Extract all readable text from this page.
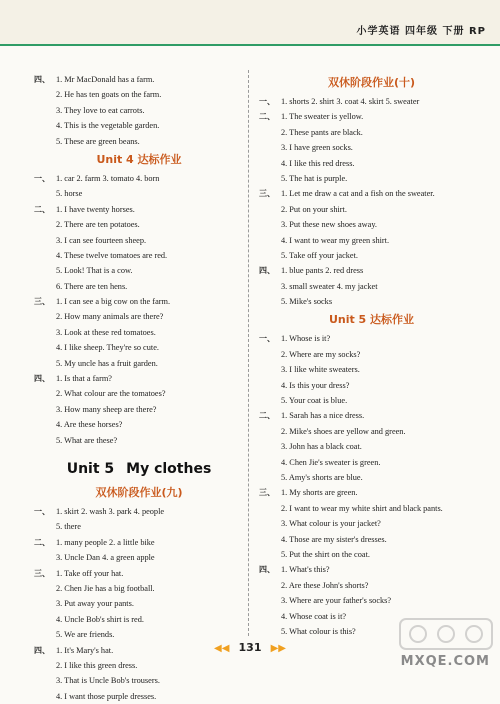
小学英语 四年级 下册 RP
四、 1. Mr MacDonald has a farm.
2. He has ten goats on the farm.
3. They love to eat carrots.
4. This is the vegetable garden.
5. These are green beans.
Unit 4 达标作业
一、 1. car 2. farm 3. tomato 4. born
5. horse
二、 1. I have twenty horses.
2. There are ten potatoes.
3. I can see fourteen sheep.
4. These twelve tomatoes are red.
5. Look! That is a cow.
6. There are ten hens.
三、 1. I can see a big cow on the farm.
2. How many animals are there?
3. Look at these red tomatoes.
4. I like sheep. They're so cute.
5. My uncle has a fruit garden.
四、 1. Is that a farm?
2. What colour are the tomatoes?
3. How many sheep are there?
4. Are these horses?
5. What are these?
Unit 5 My clothes
双休阶段作业(九)
一、 1. skirt 2. wash 3. park 4. people
5. there
二、 1. many people 2. a little bike
3. Uncle Dan 4. a green apple
三、 1. Take off your hat.
2. Chen Jie has a big football.
3. Put away your pants.
4. Uncle Bob's shirt is red.
5. We are friends.
四、 1. It's Mary's hat.
2. I like this green dress.
3. That is Uncle Bob's trousers.
4. I want those purple dresses.
双休阶段作业(十)
一、 1. shorts 2. shirt 3. coat 4. skirt 5. sweater
二、 1. The sweater is yellow.
2. These pants are black.
3. I have green socks.
4. I like this red dress.
5. The hat is purple.
三、 1. Let me draw a cat and a fish on the sweater.
2. Put on your shirt.
3. Put these new shoes away.
4. I want to wear my green shirt.
5. Take off your jacket.
四、 1. blue pants 2. red dress
3. small sweater 4. my jacket
5. Mike's socks
Unit 5 达标作业
一、 1. Whose is it?
2. Where are my socks?
3. I like white sweaters.
4. Is this your dress?
5. Your coat is blue.
二、 1. Sarah has a nice dress.
2. Mike's shoes are yellow and green.
3. John has a black coat.
4. Chen Jie's sweater is green.
5. Amy's shorts are blue.
三、 1. My shorts are green.
2. I want to wear my white shirt and black pants.
3. What colour is your jacket?
4. Those are my sister's dresses.
5. Put the shirt on the coat.
四、 1. What's this?
2. Are these John's shorts?
3. Where are your father's socks?
4. Whose coat is it?
5. What colour is this?
◀◀ 131 ▶▶
MXQE.COM
